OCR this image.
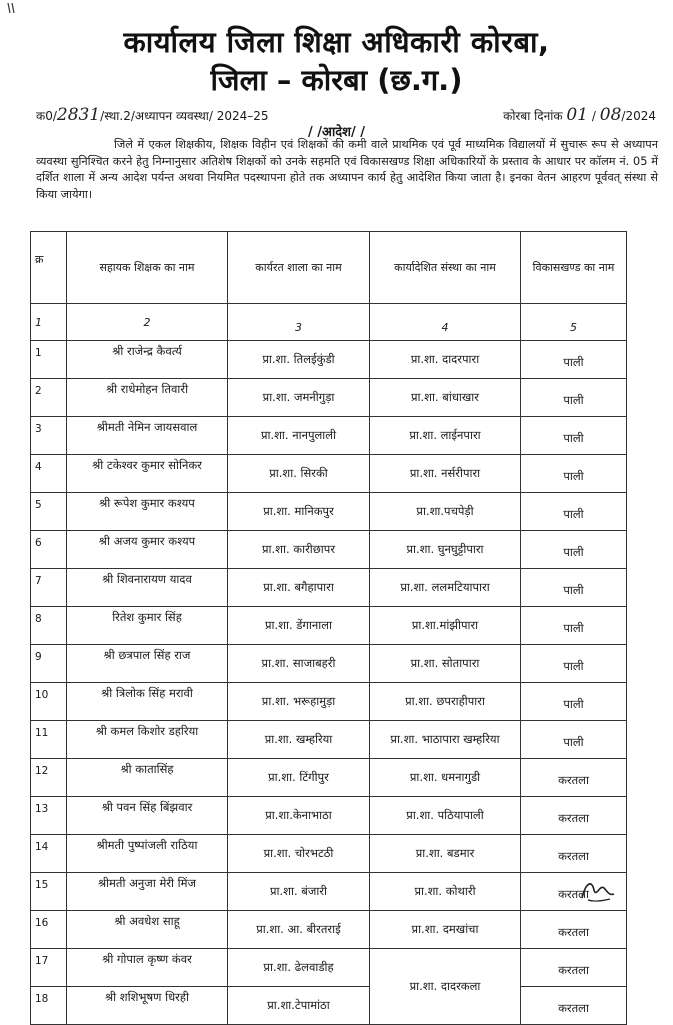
कार्यालय जिला शिक्षा अधिकारी कोरबा,
जिला – कोरबा (छ.ग.)
क0/2831/स्था.2/अध्यापन व्यवस्था/ 2024–25	कोरबा दिनांक 01 / 08/2024
/ /आदेश/ /
जिले में एकल शिक्षकीय, शिक्षक विहीन एवं शिक्षकों की कमी वाले प्राथमिक एवं पूर्व माध्यमिक विद्यालयों में सुचारू रूप से अध्यापन व्यवस्था सुनिश्चित करने हेतु निम्नानुसार अतिशेष शिक्षकों को उनके सहमति एवं विकासखण्ड शिक्षा अधिकारियों के प्रस्ताव के आधार पर कॉलम नं. 05 में दर्शित शाला में अन्य आदेश पर्यन्त अथवा नियमित पदस्थापना होते तक अध्यापन कार्य हेतु आदेशित किया जाता है। इनका वेतन आहरण पूर्ववत् संस्था से किया जायेगा।
क्र	सहायक शिक्षक का नाम	कार्यरत शाला का नाम	कार्यादेशित संस्था का नाम	विकासखण्ड का नाम
1	2	3	4	5
1	श्री राजेन्द्र कैवर्त्य	प्रा.शा. तिलईकुंडी	प्रा.शा. दादरपारा	पाली
2	श्री राधेमोहन तिवारी	प्रा.शा. जमनीगुड़ा	प्रा.शा. बांधाखार	पाली
3	श्रीमती नेमिन जायसवाल	प्रा.शा. नानपुलाली	प्रा.शा. लाईनपारा	पाली
4	श्री टकेश्वर कुमार सोनिकर	प्रा.शा. सिरकी	प्रा.शा. नर्सरीपारा	पाली
5	श्री रूपेश कुमार कश्यप	प्रा.शा. मानिकपुर	प्रा.शा.पचपेड़ी	पाली
6	श्री अजय कुमार कश्यप	प्रा.शा. कारीछापर	प्रा.शा. घुनघुट्टीपारा	पाली
7	श्री शिवनारायण यादव	प्रा.शा. बगैहापारा	प्रा.शा. ललमटियापारा	पाली
8	रितेश कुमार सिंह	प्रा.शा. डेंगानाला	प्रा.शा.मांझीपारा	पाली
9	श्री छत्रपाल सिंह राज	प्रा.शा. साजाबहरी	प्रा.शा. सोतापारा	पाली
10	श्री त्रिलोक सिंह मरावी	प्रा.शा. भरूहामुड़ा	प्रा.शा. छपराहीपारा	पाली
11	श्री कमल किशोर डहरिया	प्रा.शा. खम्हरिया	प्रा.शा. भाठापारा खम्हरिया	पाली
12	श्री कातासिंह	प्रा.शा. टिंगीपुर	प्रा.शा. धमनागुडी	करतला
13	श्री पवन सिंह बिंझवार	प्रा.शा.केनाभाठा	प्रा.शा. पठियापाली	करतला
14	श्रीमती पुष्पांजली राठिया	प्रा.शा. चोरभटठी	प्रा.शा. बडमार	करतला
15	श्रीमती अनुजा मेरी मिंज	प्रा.शा. बंजारी	प्रा.शा. कोथारी	करतला
16	श्री अवधेश साहू	प्रा.शा. आ. बीरतराई	प्रा.शा. दमखांचा	करतला
17	श्री गोपाल कृष्ण कंवर	प्रा.शा. ढेलवाडीह	प्रा.शा. दादरकला	करतला
18	श्री शशिभूषण धिरही	प्रा.शा.टेपामांठा		करतला
